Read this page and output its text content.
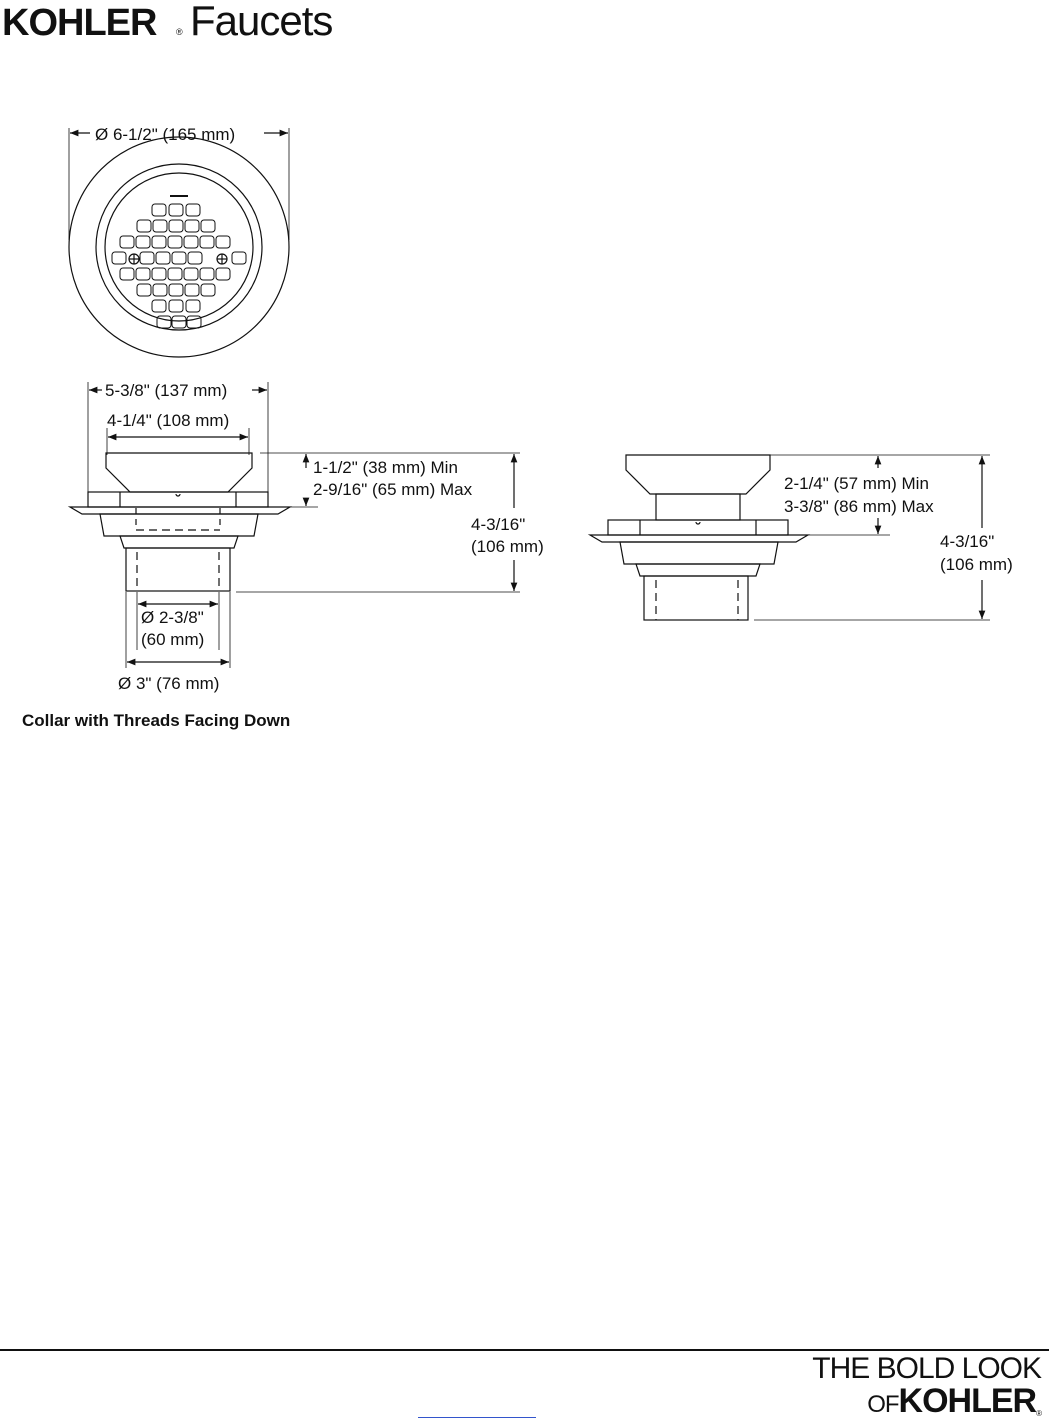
KOHLER ® Faucets
Ø 6-1/2" (165 mm)
5-3/8" (137 mm)
4-1/4" (108 mm)
1-1/2" (38 mm) Min
2-9/16" (65 mm) Max
4-3/16"
(106 mm)
Ø 2-3/8"
(60 mm)
Ø 3" (76 mm)
2-1/4" (57 mm) Min
3-3/8" (86 mm) Max
4-3/16"
(106 mm)
Collar with Threads Facing Down
THE BOLD LOOK
OFKOHLER®
